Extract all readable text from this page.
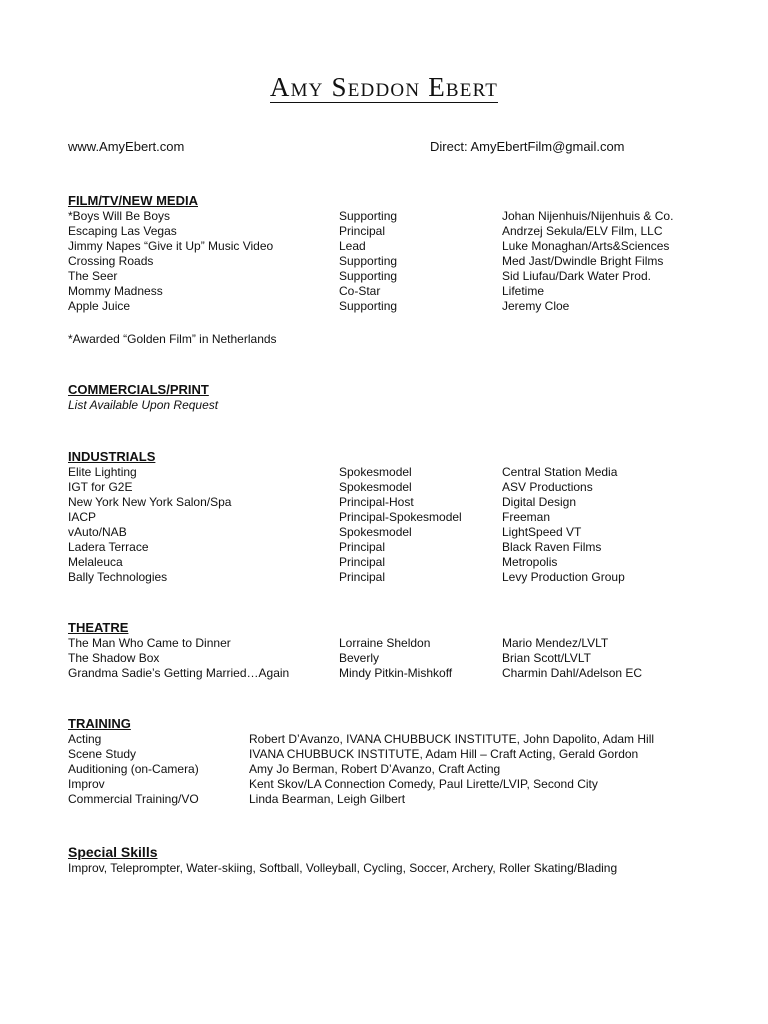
Amy Seddon Ebert
www.AmyEbert.com	Direct: AmyEbertFilm@gmail.com
FILM/TV/NEW MEDIA
*Boys Will Be Boys	Supporting	Johan Nijenhuis/Nijenhuis & Co.
Escaping Las Vegas	Principal	Andrzej Sekula/ELV Film, LLC
Jimmy Napes “Give it Up” Music Video	Lead	Luke Monaghan/Arts&Sciences
Crossing Roads	Supporting	Med Jast/Dwindle Bright Films
The Seer	Supporting	Sid Liufau/Dark Water Prod.
Mommy Madness	Co-Star	Lifetime
Apple Juice	Supporting	Jeremy Cloe
*Awarded “Golden Film” in Netherlands
COMMERCIALS/PRINT
List Available Upon Request
INDUSTRIALS
Elite Lighting	Spokesmodel	Central Station Media
IGT for G2E	Spokesmodel	ASV Productions
New York New York Salon/Spa	Principal-Host	Digital Design
IACP	Principal-Spokesmodel	Freeman
vAuto/NAB	Spokesmodel	LightSpeed VT
Ladera Terrace	Principal	Black Raven Films
Melaleuca	Principal	Metropolis
Bally Technologies	Principal	Levy Production Group
THEATRE
The Man Who Came to Dinner	Lorraine Sheldon	Mario Mendez/LVLT
The Shadow Box	Beverly	Brian Scott/LVLT
Grandma Sadie’s Getting Married…Again	Mindy Pitkin-Mishkoff	Charmin Dahl/Adelson EC
TRAINING
Acting	Robert D’Avanzo, IVANA CHUBBUCK INSTITUTE, John Dapolito, Adam Hill
Scene Study	IVANA CHUBBUCK INSTITUTE, Adam Hill – Craft Acting, Gerald Gordon
Auditioning (on-Camera)	Amy Jo Berman, Robert D’Avanzo, Craft Acting
Improv	Kent Skov/LA Connection Comedy, Paul Lirette/LVIP, Second City
Commercial Training/VO	Linda Bearman, Leigh Gilbert
Special Skills
Improv, Teleprompter, Water-skiing, Softball, Volleyball, Cycling, Soccer, Archery, Roller Skating/Blading
